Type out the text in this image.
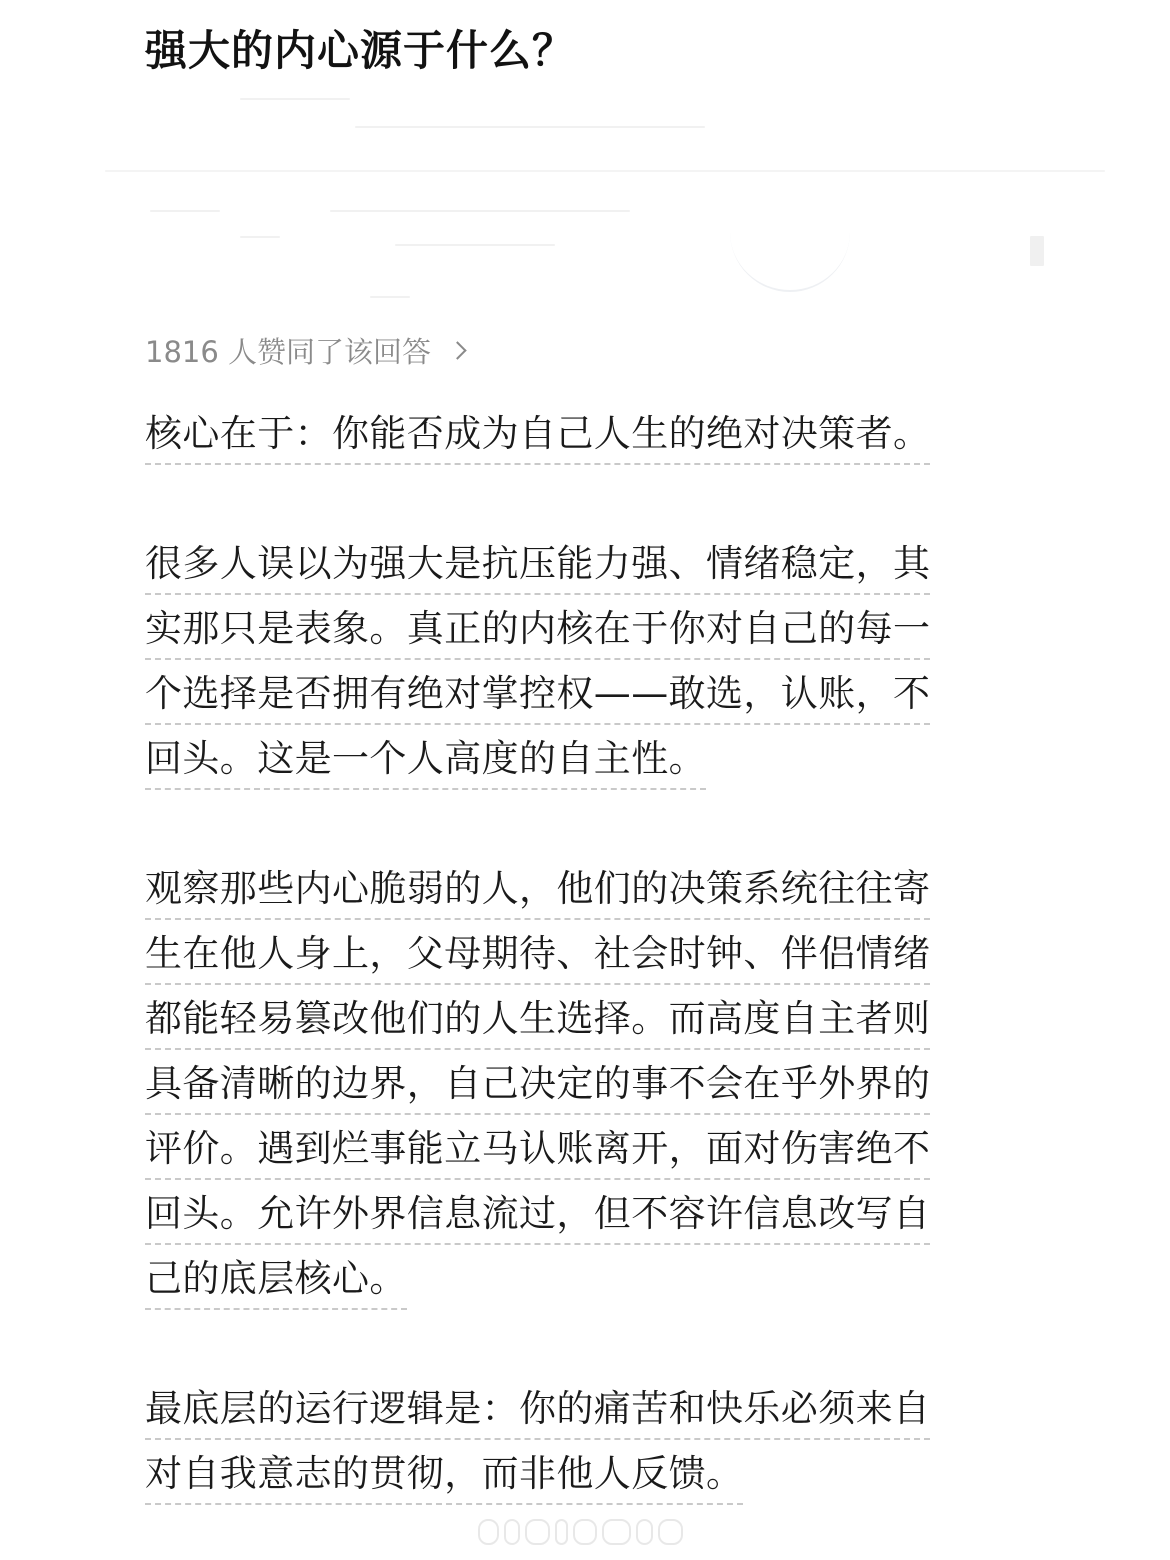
强大的内心源于什么？
1816 人赞同了该回答
核心在于：你能否成为自己人生的绝对决策者。
很多人误以为强大是抗压能力强、情绪稳定，其
实那只是表象。真正的内核在于你对自己的每一
个选择是否拥有绝对掌控权——敢选，认账，不
回头。这是一个人高度的自主性。
观察那些内心脆弱的人，他们的决策系统往往寄
生在他人身上，父母期待、社会时钟、伴侣情绪
都能轻易篡改他们的人生选择。而高度自主者则
具备清晰的边界，自己决定的事不会在乎外界的
评价。遇到烂事能立马认账离开，面对伤害绝不
回头。允许外界信息流过，但不容许信息改写自
己的底层核心。
最底层的运行逻辑是：你的痛苦和快乐必须来自
对自我意志的贯彻，而非他人反馈。
